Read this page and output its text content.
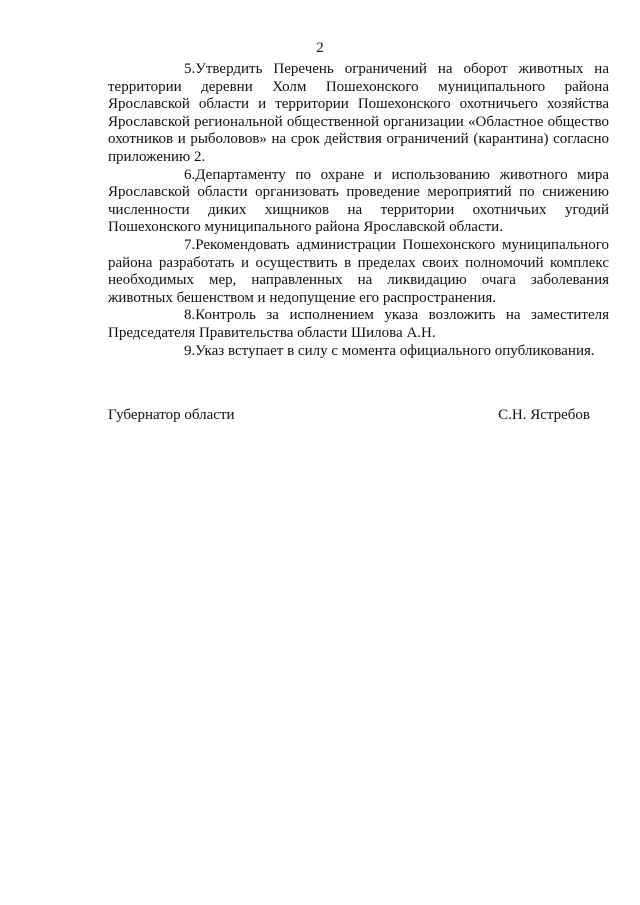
2

5.Утвердить Перечень ограничений на оборот животных на территории деревни Холм Пошехонского муниципального района Ярославской области и территории Пошехонского охотничьего хозяйства Ярославской региональной общественной организации «Областное общество охотников и рыболовов» на срок действия ограничений (карантина) согласно приложению 2.

6.Департаменту по охране и использованию животного мира Ярославской области организовать проведение мероприятий по снижению численности диких хищников на территории охотничьих угодий Пошехонского муниципального района Ярославской области.

7.Рекомендовать администрации Пошехонского муниципального района разработать и осуществить в пределах своих полномочий комплекс необходимых мер, направленных на ликвидацию очага заболевания животных бешенством и недопущение его распространения.

8.Контроль за исполнением указа возложить на заместителя Председателя Правительства области Шилова А.Н.

9.Указ вступает в силу с момента официального опубликования.

Губернатор области	С.Н. Ястребов
